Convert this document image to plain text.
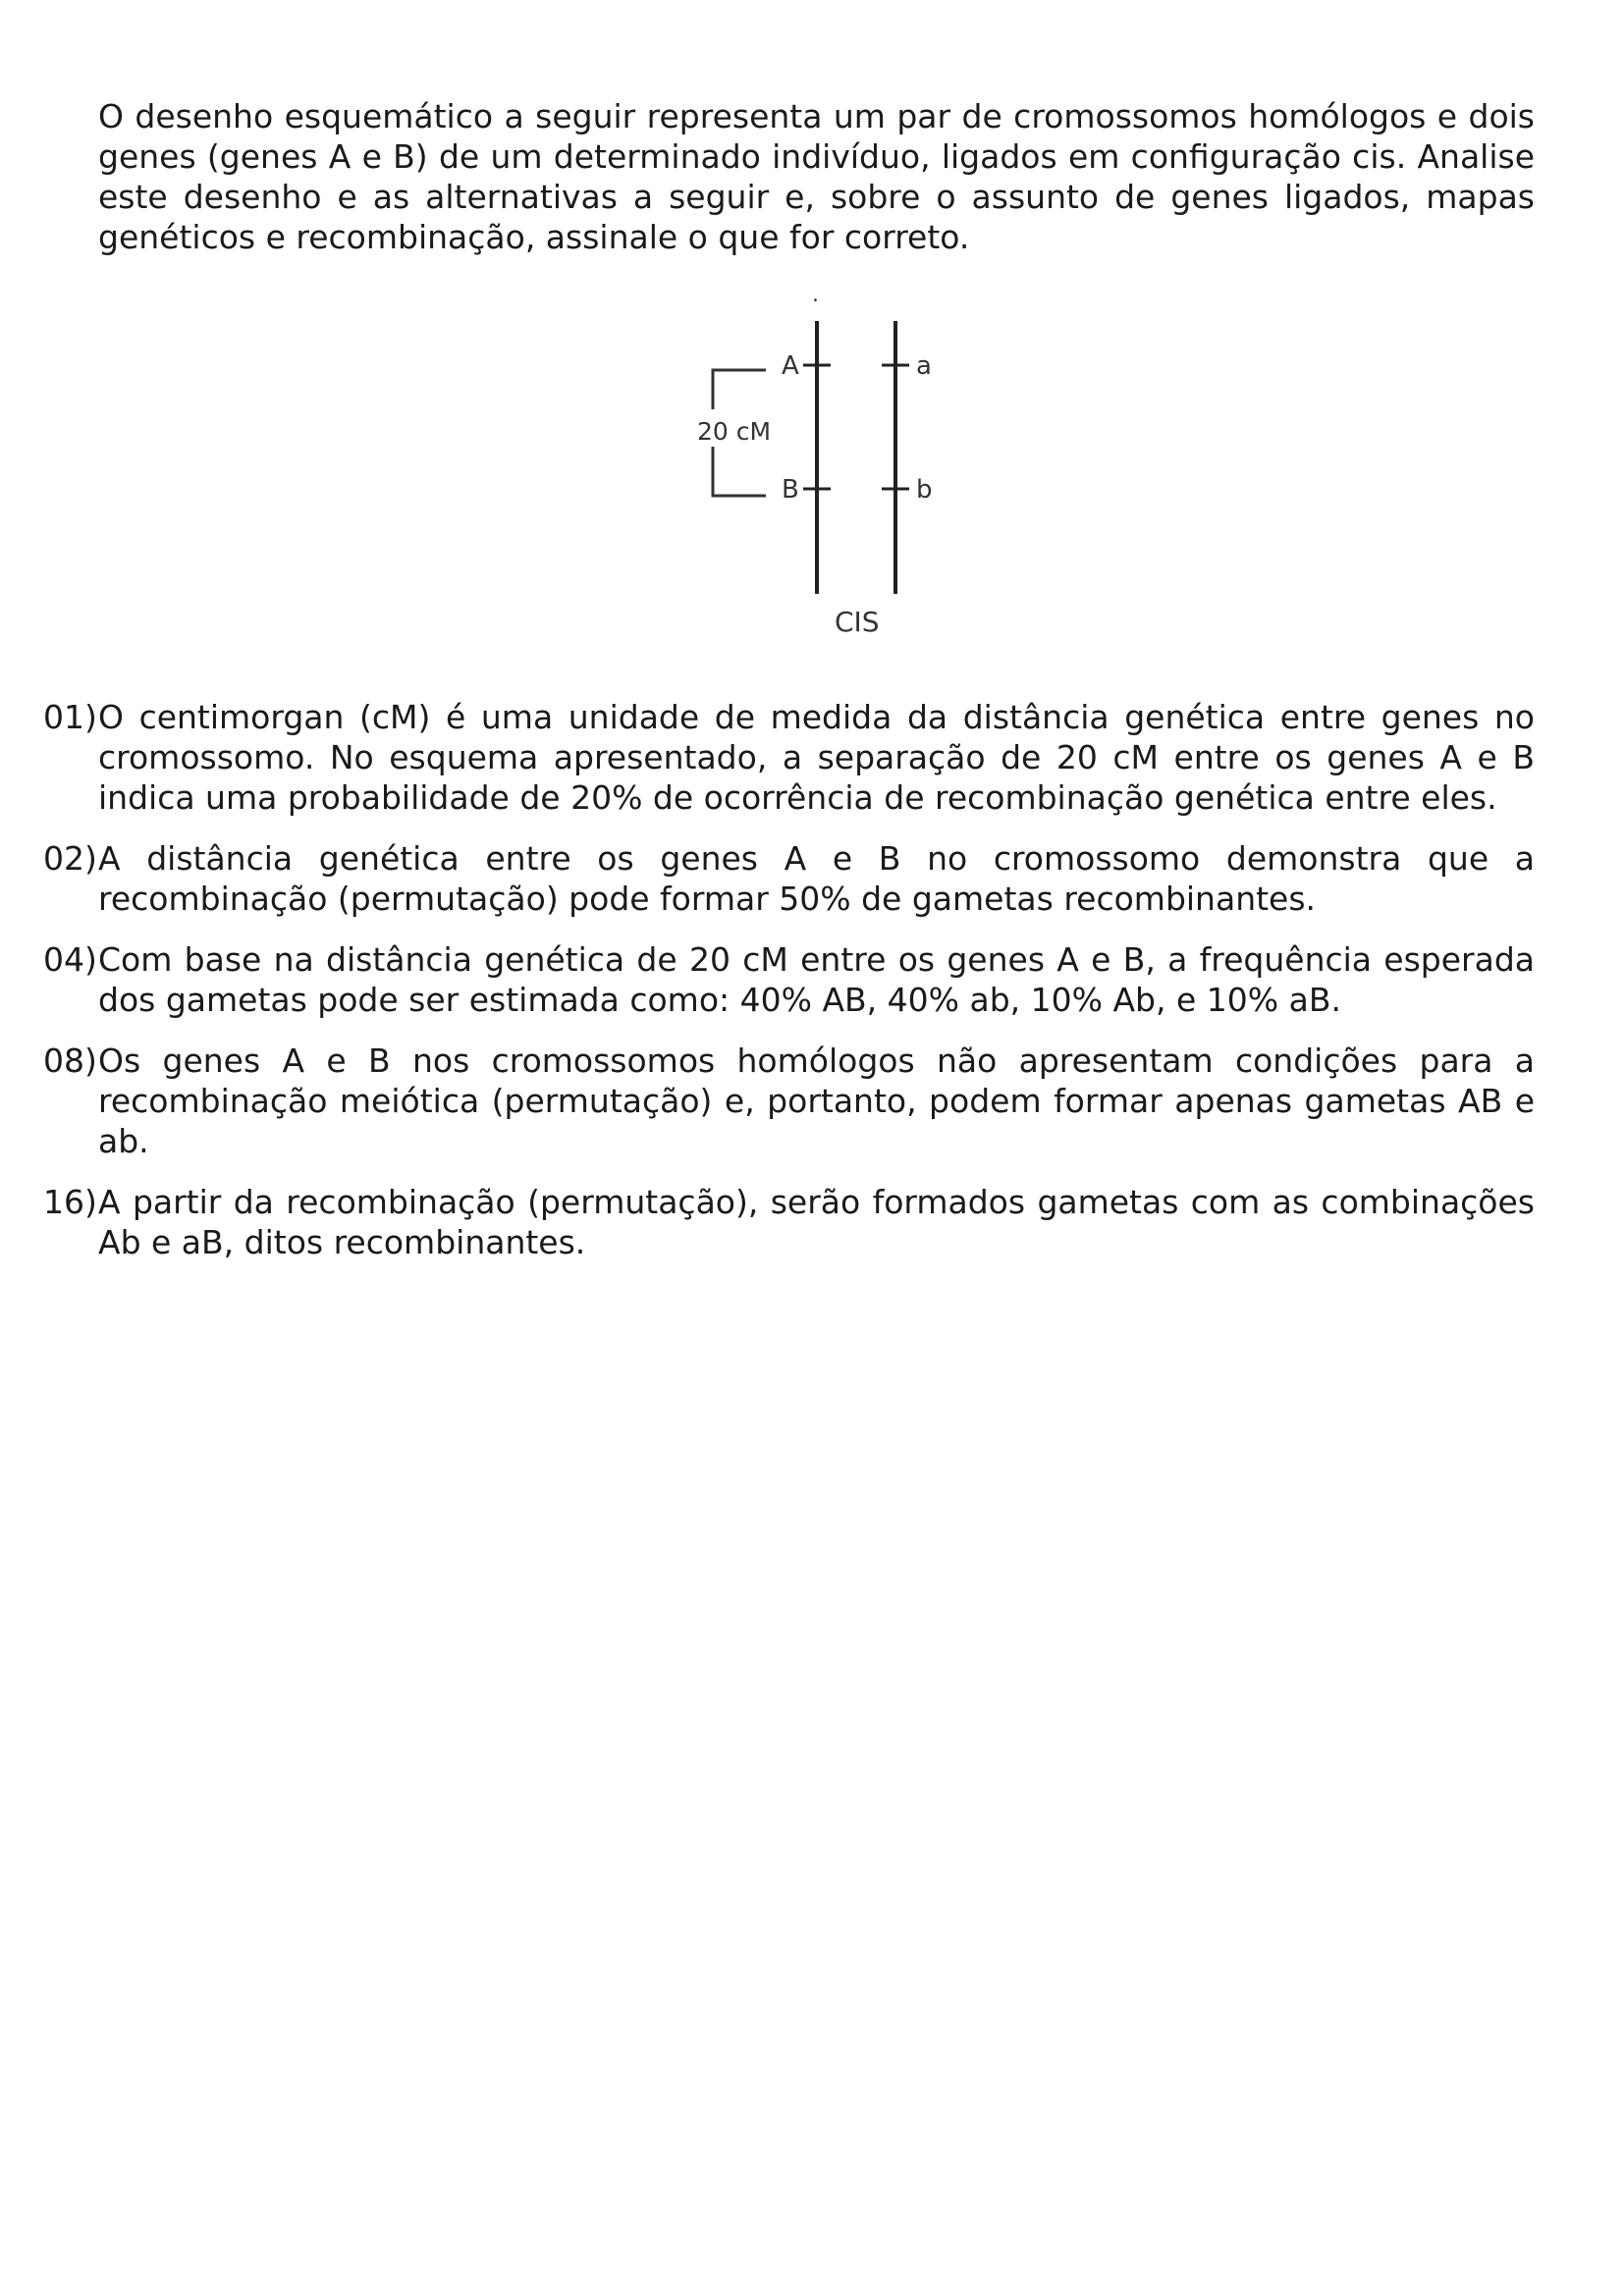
O desenho esquemático a seguir representa um par de cromossomos homólogos e dois genes (genes A e B) de um determinado indivíduo, ligados em configuração cis. Analise este desenho e as alternativas a seguir e, sobre o assunto de genes ligados, mapas genéticos e recombinação, assinale o que for correto.

.
A
B
a
b
20 cM
CIS
01) O centimorgan (cM) é uma unidade de medida da distância genética entre genes no cromossomo. No esquema apresentado, a separação de 20 cM entre os genes A e B indica uma probabilidade de 20% de ocorrência de recombinação genética entre eles.
02) A distância genética entre os genes A e B no cromossomo demonstra que a recombinação (permutação) pode formar 50% de gametas recombinantes.
04) Com base na distância genética de 20 cM entre os genes A e B, a frequência esperada dos gametas pode ser estimada como: 40% AB, 40% ab, 10% Ab, e 10% aB.
08) Os genes A e B nos cromossomos homólogos não apresentam condições para a recombinação meiótica (permutação) e, portanto, podem formar apenas gametas AB e ab.
16) A partir da recombinação (permutação), serão formados gametas com as combinações Ab e aB, ditos recombinantes.
